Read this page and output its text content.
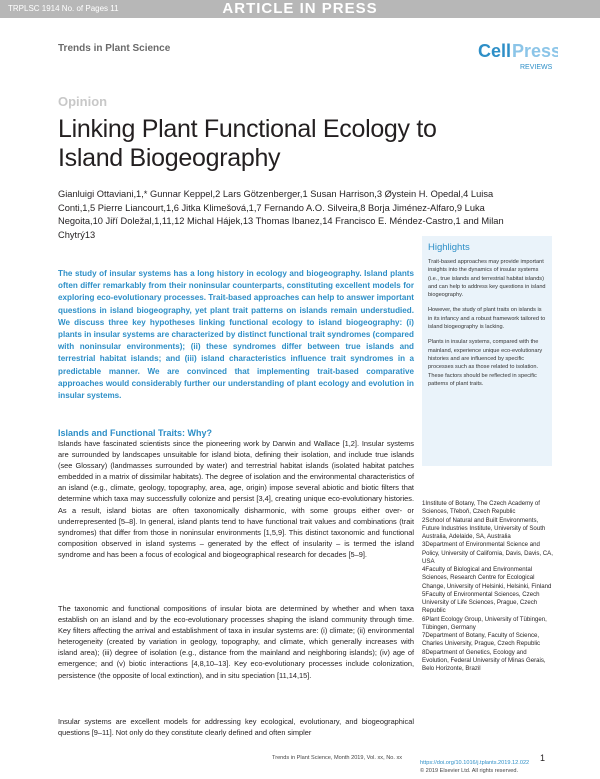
TRPLSC 1914 No. of Pages 11	ARTICLE IN PRESS
Trends in Plant Science	Cell Press
REVIEWS
Opinion
Linking Plant Functional Ecology to Island Biogeography
Gianluigi Ottaviani,1,* Gunnar Keppel,2 Lars Götzenberger,1 Susan Harrison,3 Øystein H. Opedal,4 Luisa Conti,1,5 Pierre Liancourt,1,6 Jitka Klimešová,1,7 Fernando A.O. Silveira,8 Borja Jiménez-Alfaro,9 Luka Negoita,10 Jiří Doležal,1,11,12 Michal Hájek,13 Thomas Ibanez,14 Francisco E. Méndez-Castro,1 and Milan Chytrý13
The study of insular systems has a long history in ecology and biogeography. Island plants often differ remarkably from their noninsular counterparts, constituting excellent models for exploring eco-evolutionary processes. Trait-based approaches can help to answer important questions in island biogeography, yet plant trait patterns on islands remain understudied. We discuss three key hypotheses linking functional ecology to island biogeography: (i) plants in insular systems are characterized by distinct functional trait syndromes (compared with noninsular environments); (ii) these syndromes differ between true islands and terrestrial habitat islands; and (iii) island characteristics influence trait syndromes in a predictable manner. We are convinced that implementing trait-based comparative approaches would considerably further our understanding of plant ecology and evolution in insular systems.
Highlights

Trait-based approaches may provide important insights into the dynamics of insular systems (i.e., true islands and terrestrial habitat islands) and can help to address key questions in island biogeography.

However, the study of plant traits on islands is in its infancy and a robust framework tailored to island biogeography is lacking.

Plants in insular systems, compared with the mainland, experience unique eco-evolutionary histories and are influenced by specific processes such as those related to isolation. These factors should be reflected in specific patterns of plant traits.

Islands and Functional Traits: Why?

Islands have fascinated scientists since the pioneering work by Darwin and Wallace [1,2]. Insular systems are surrounded by landscapes unsuitable for island biota, defining their isolation, and include true islands (see Glossary) (landmasses surrounded by water) and terrestrial habitat islands (isolated habitat patches embedded in a matrix of dissimilar habitats). The degree of isolation and the environmental characteristics of an island (e.g., climate, geology, topography, area, age, origin) impose several abiotic and biotic filters that determine which taxa may successfully colonize and persist [3,4], creating unique eco-evolutionary histories. As a result, island biotas are often taxonomically disharmonic, with some groups either over- or underrepresented [5–8]. In general, island plants tend to have functional trait values and combinations (trait syndromes) that differ from those in noninsular environments [1,5,9]. This distinct taxonomic and functional composition observed in island systems – generated by the effect of insularity – is termed the island syndrome and has been a focus of ecological and biogeographical research for decades [5–9].

The taxonomic and functional compositions of insular biota are determined by whether and when taxa establish on an island and by the eco-evolutionary processes shaping the island community through time. Key filters affecting the arrival and establishment of taxa in insular systems are: (i) climate; (ii) environmental heterogeneity (created by variation in geology, topography, and climate, which generally increases with island area); (iii) degree of isolation (e.g., distance from the mainland and neighboring islands); (iv) age of emergence; and (v) biotic interactions [4,8,10–13]. Key eco-evolutionary processes include colonization, persistence (the opposite of local extinction), and in situ speciation [11,14,15].

Insular systems are excellent models for addressing key ecological, evolutionary, and biogeographical questions [9–11]. Not only do they constitute clearly defined and often simpler

1Institute of Botany, The Czech Academy of Sciences, Třeboň, Czech Republic

2School of Natural and Built Environments, Future Industries Institute, University of South Australia, Adelaide, SA, Australia

3Department of Environmental Science and Policy, University of California, Davis, Davis, CA, USA

4Faculty of Biological and Environmental Sciences, Research Centre for Ecological Change, University of Helsinki, Helsinki, Finland

5Faculty of Environmental Sciences, Czech University of Life Sciences, Prague, Czech Republic

6Plant Ecology Group, University of Tübingen, Tübingen, Germany

7Department of Botany, Faculty of Science, Charles University, Prague, Czech Republic

8Department of Genetics, Ecology and Evolution, Federal University of Minas Gerais, Belo Horizonte, Brazil

Trends in Plant Science, Month 2019, Vol. xx, No. xx
https://doi.org/10.1016/j.tplants.2019.12.022
© 2019 Elsevier Ltd. All rights reserved.
1
